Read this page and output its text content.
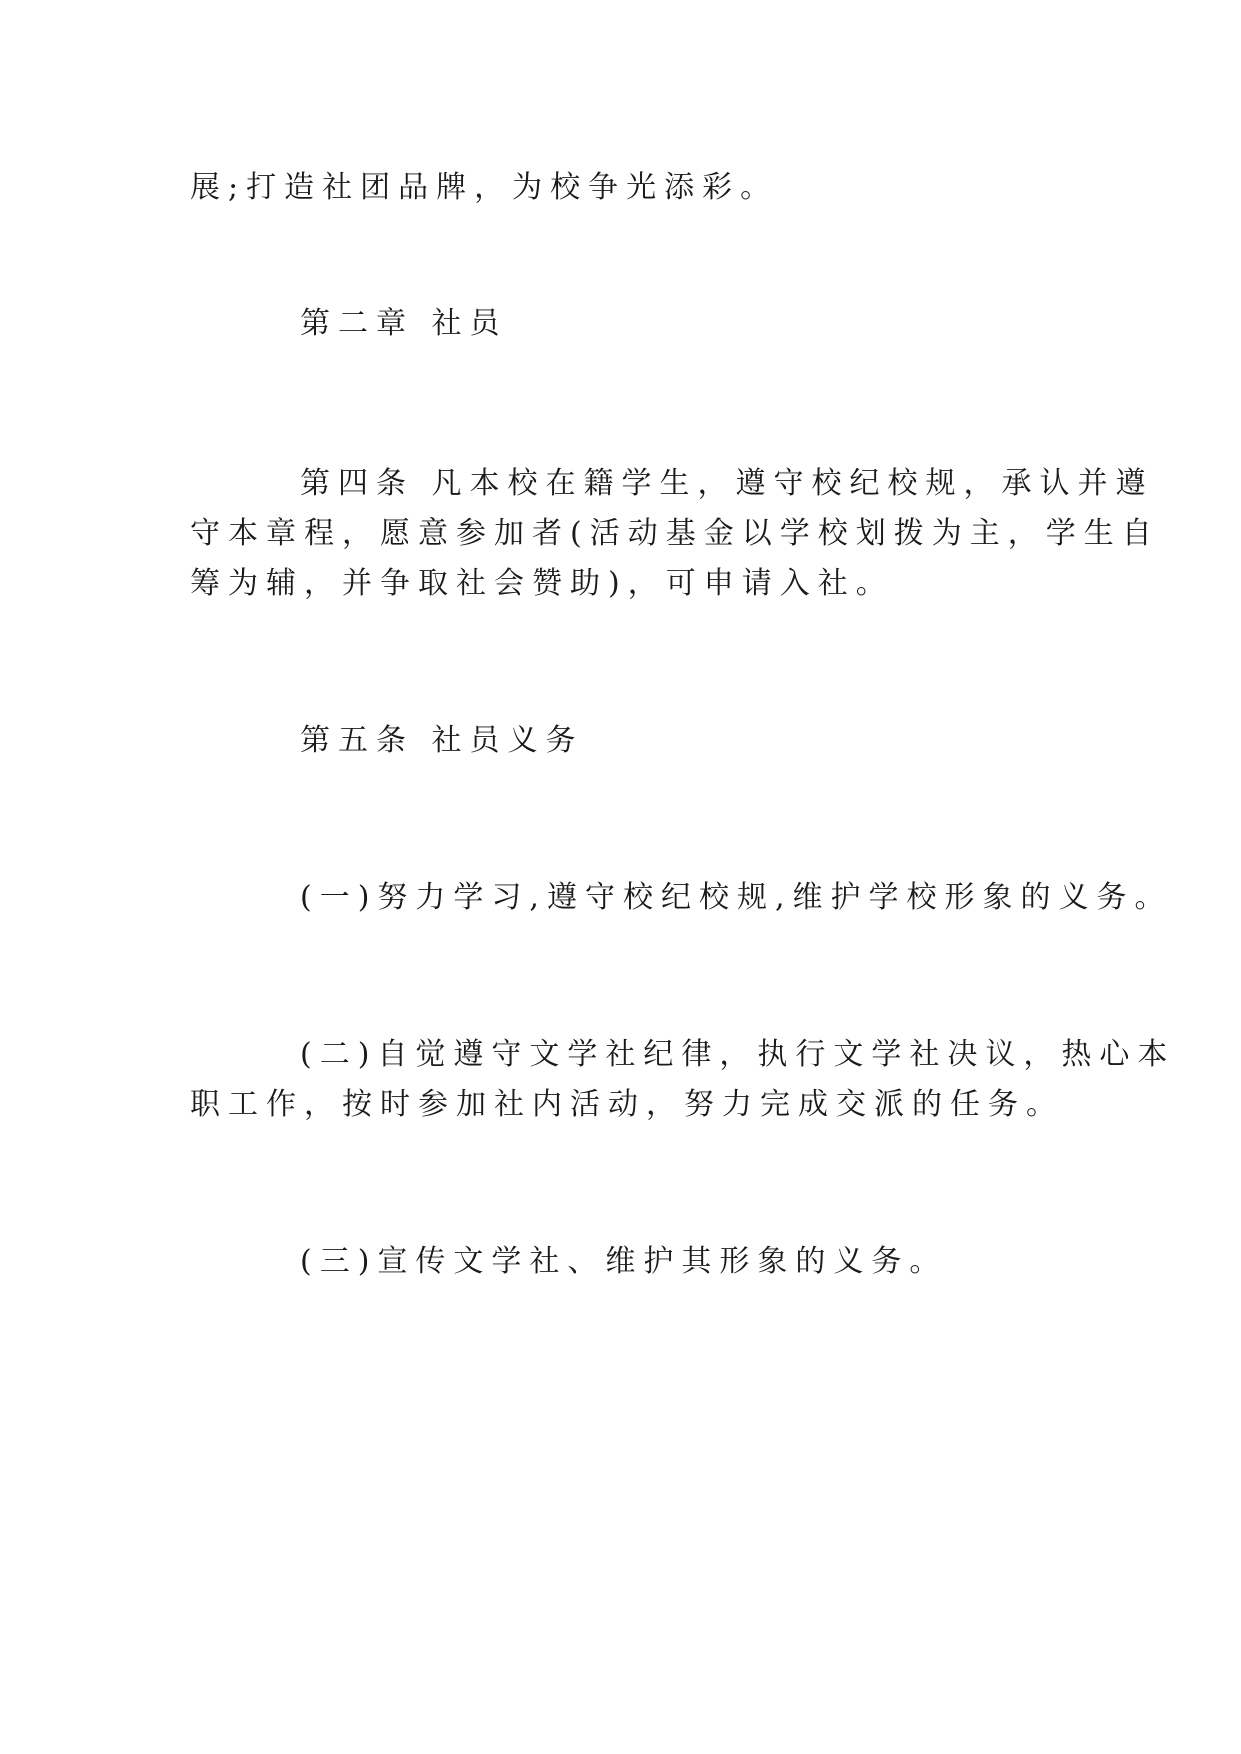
展;打造社团品牌，为校争光添彩。
第二章 社员
第四条 凡本校在籍学生，遵守校纪校规，承认并遵
守本章程，愿意参加者(活动基金以学校划拨为主，学生自
筹为辅，并争取社会赞助)，可申请入社。
第五条 社员义务
(一)努力学习,遵守校纪校规,维护学校形象的义务。
(二)自觉遵守文学社纪律，执行文学社决议，热心本
职工作，按时参加社内活动，努力完成交派的任务。
(三)宣传文学社、维护其形象的义务。
